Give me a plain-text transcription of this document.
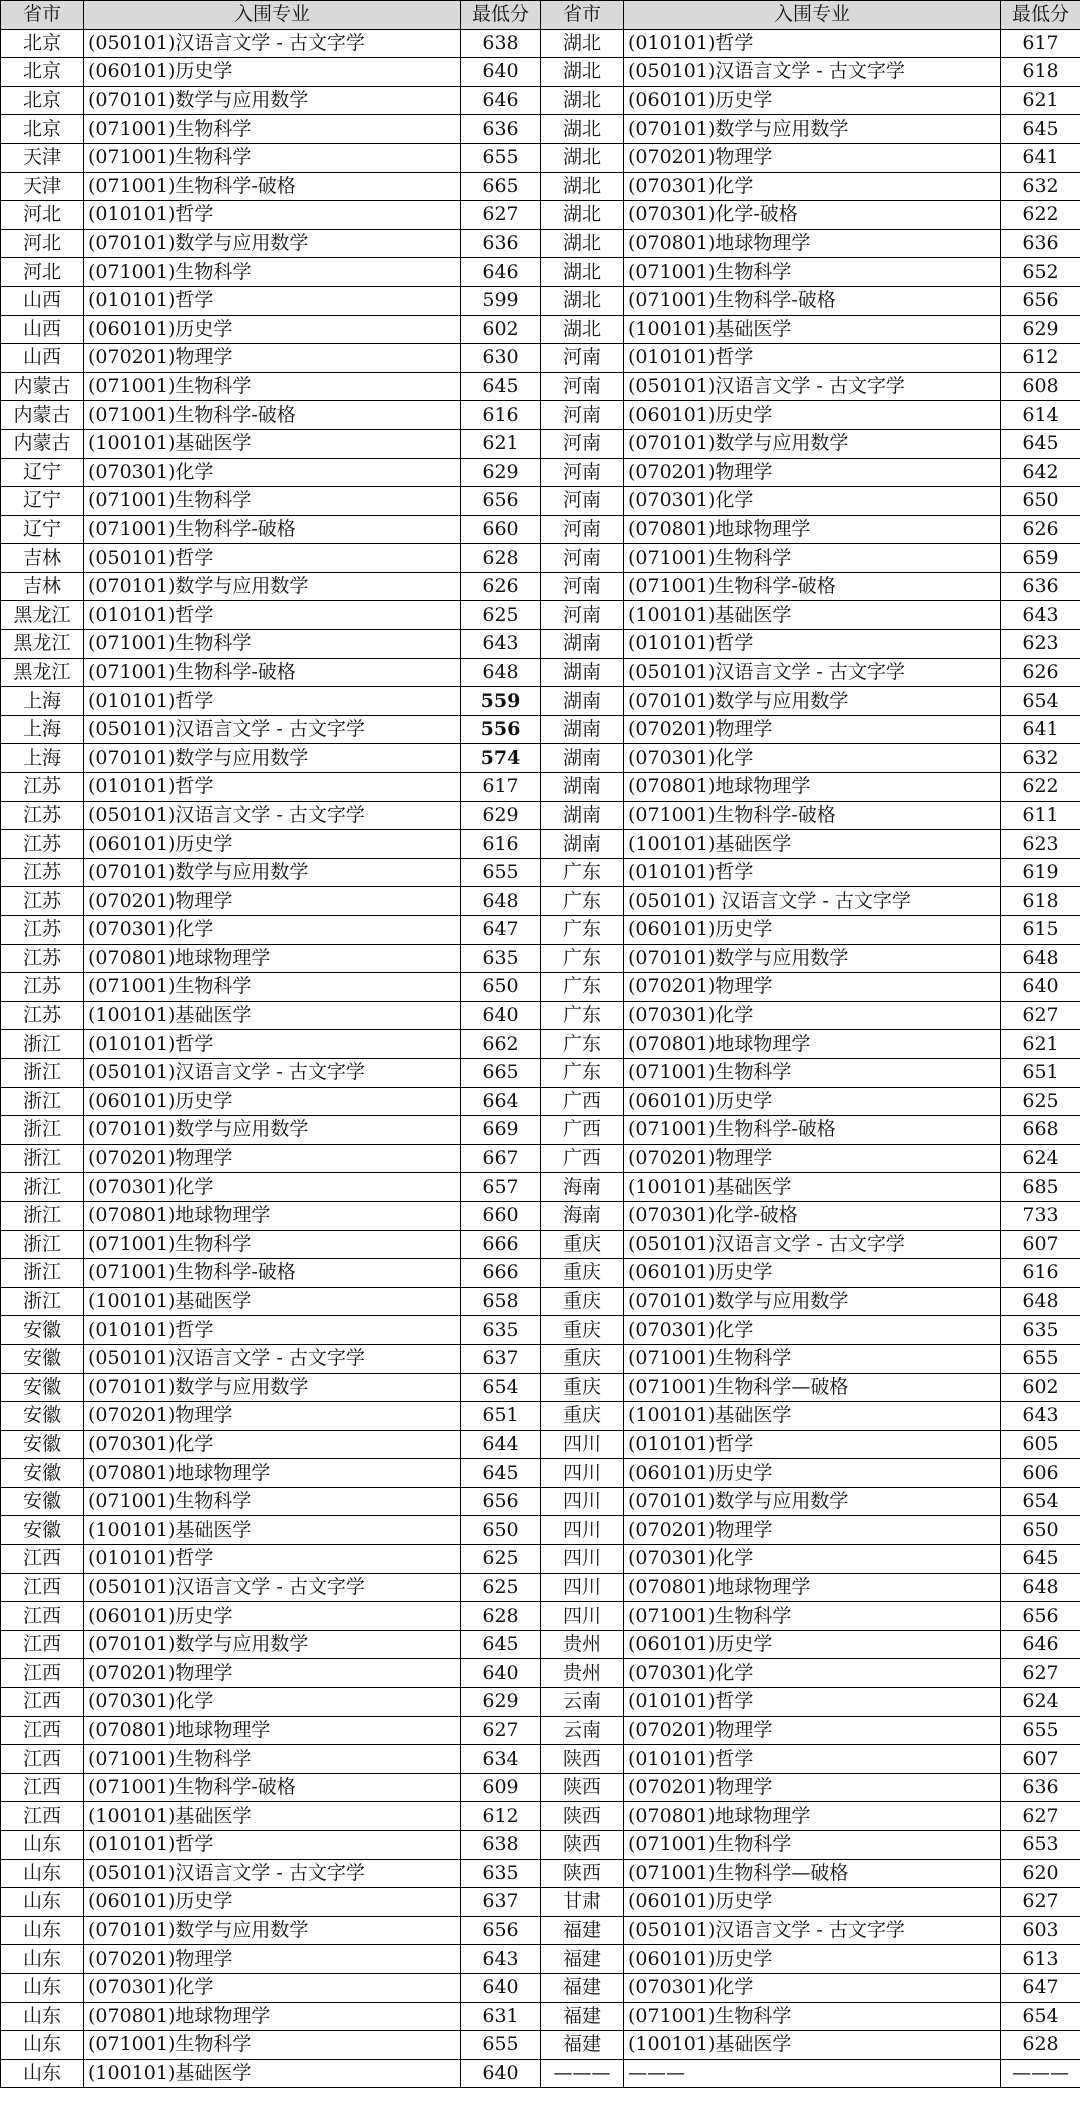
省市	入围专业	最低分	省市	入围专业	最低分
北京	(050101)汉语言文学 - 古文字学	638	湖北	(010101)哲学	617
北京	(060101)历史学	640	湖北	(050101)汉语言文学 - 古文字学	618
北京	(070101)数学与应用数学	646	湖北	(060101)历史学	621
北京	(071001)生物科学	636	湖北	(070101)数学与应用数学	645
天津	(071001)生物科学	655	湖北	(070201)物理学	641
天津	(071001)生物科学-破格	665	湖北	(070301)化学	632
河北	(010101)哲学	627	湖北	(070301)化学-破格	622
河北	(070101)数学与应用数学	636	湖北	(070801)地球物理学	636
河北	(071001)生物科学	646	湖北	(071001)生物科学	652
山西	(010101)哲学	599	湖北	(071001)生物科学-破格	656
山西	(060101)历史学	602	湖北	(100101)基础医学	629
山西	(070201)物理学	630	河南	(010101)哲学	612
内蒙古	(071001)生物科学	645	河南	(050101)汉语言文学 - 古文字学	608
内蒙古	(071001)生物科学-破格	616	河南	(060101)历史学	614
内蒙古	(100101)基础医学	621	河南	(070101)数学与应用数学	645
辽宁	(070301)化学	629	河南	(070201)物理学	642
辽宁	(071001)生物科学	656	河南	(070301)化学	650
辽宁	(071001)生物科学-破格	660	河南	(070801)地球物理学	626
吉林	(050101)哲学	628	河南	(071001)生物科学	659
吉林	(070101)数学与应用数学	626	河南	(071001)生物科学-破格	636
黑龙江	(010101)哲学	625	河南	(100101)基础医学	643
黑龙江	(071001)生物科学	643	湖南	(010101)哲学	623
黑龙江	(071001)生物科学-破格	648	湖南	(050101)汉语言文学 - 古文字学	626
上海	(010101)哲学	559	湖南	(070101)数学与应用数学	654
上海	(050101)汉语言文学 - 古文字学	556	湖南	(070201)物理学	641
上海	(070101)数学与应用数学	574	湖南	(070301)化学	632
江苏	(010101)哲学	617	湖南	(070801)地球物理学	622
江苏	(050101)汉语言文学 - 古文字学	629	湖南	(071001)生物科学-破格	611
江苏	(060101)历史学	616	湖南	(100101)基础医学	623
江苏	(070101)数学与应用数学	655	广东	(010101)哲学	619
江苏	(070201)物理学	648	广东	(050101) 汉语言文学 - 古文字学	618
江苏	(070301)化学	647	广东	(060101)历史学	615
江苏	(070801)地球物理学	635	广东	(070101)数学与应用数学	648
江苏	(071001)生物科学	650	广东	(070201)物理学	640
江苏	(100101)基础医学	640	广东	(070301)化学	627
浙江	(010101)哲学	662	广东	(070801)地球物理学	621
浙江	(050101)汉语言文学 - 古文字学	665	广东	(071001)生物科学	651
浙江	(060101)历史学	664	广西	(060101)历史学	625
浙江	(070101)数学与应用数学	669	广西	(071001)生物科学-破格	668
浙江	(070201)物理学	667	广西	(070201)物理学	624
浙江	(070301)化学	657	海南	(100101)基础医学	685
浙江	(070801)地球物理学	660	海南	(070301)化学-破格	733
浙江	(071001)生物科学	666	重庆	(050101)汉语言文学 - 古文字学	607
浙江	(071001)生物科学-破格	666	重庆	(060101)历史学	616
浙江	(100101)基础医学	658	重庆	(070101)数学与应用数学	648
安徽	(010101)哲学	635	重庆	(070301)化学	635
安徽	(050101)汉语言文学 - 古文字学	637	重庆	(071001)生物科学	655
安徽	(070101)数学与应用数学	654	重庆	(071001)生物科学—破格	602
安徽	(070201)物理学	651	重庆	(100101)基础医学	643
安徽	(070301)化学	644	四川	(010101)哲学	605
安徽	(070801)地球物理学	645	四川	(060101)历史学	606
安徽	(071001)生物科学	656	四川	(070101)数学与应用数学	654
安徽	(100101)基础医学	650	四川	(070201)物理学	650
江西	(010101)哲学	625	四川	(070301)化学	645
江西	(050101)汉语言文学 - 古文字学	625	四川	(070801)地球物理学	648
江西	(060101)历史学	628	四川	(071001)生物科学	656
江西	(070101)数学与应用数学	645	贵州	(060101)历史学	646
江西	(070201)物理学	640	贵州	(070301)化学	627
江西	(070301)化学	629	云南	(010101)哲学	624
江西	(070801)地球物理学	627	云南	(070201)物理学	655
江西	(071001)生物科学	634	陕西	(010101)哲学	607
江西	(071001)生物科学-破格	609	陕西	(070201)物理学	636
江西	(100101)基础医学	612	陕西	(070801)地球物理学	627
山东	(010101)哲学	638	陕西	(071001)生物科学	653
山东	(050101)汉语言文学 - 古文字学	635	陕西	(071001)生物科学—破格	620
山东	(060101)历史学	637	甘肃	(060101)历史学	627
山东	(070101)数学与应用数学	656	福建	(050101)汉语言文学 - 古文字学	603
山东	(070201)物理学	643	福建	(060101)历史学	613
山东	(070301)化学	640	福建	(070301)化学	647
山东	(070801)地球物理学	631	福建	(071001)生物科学	654
山东	(071001)生物科学	655	福建	(100101)基础医学	628
山东	(100101)基础医学	640	———	———	———
